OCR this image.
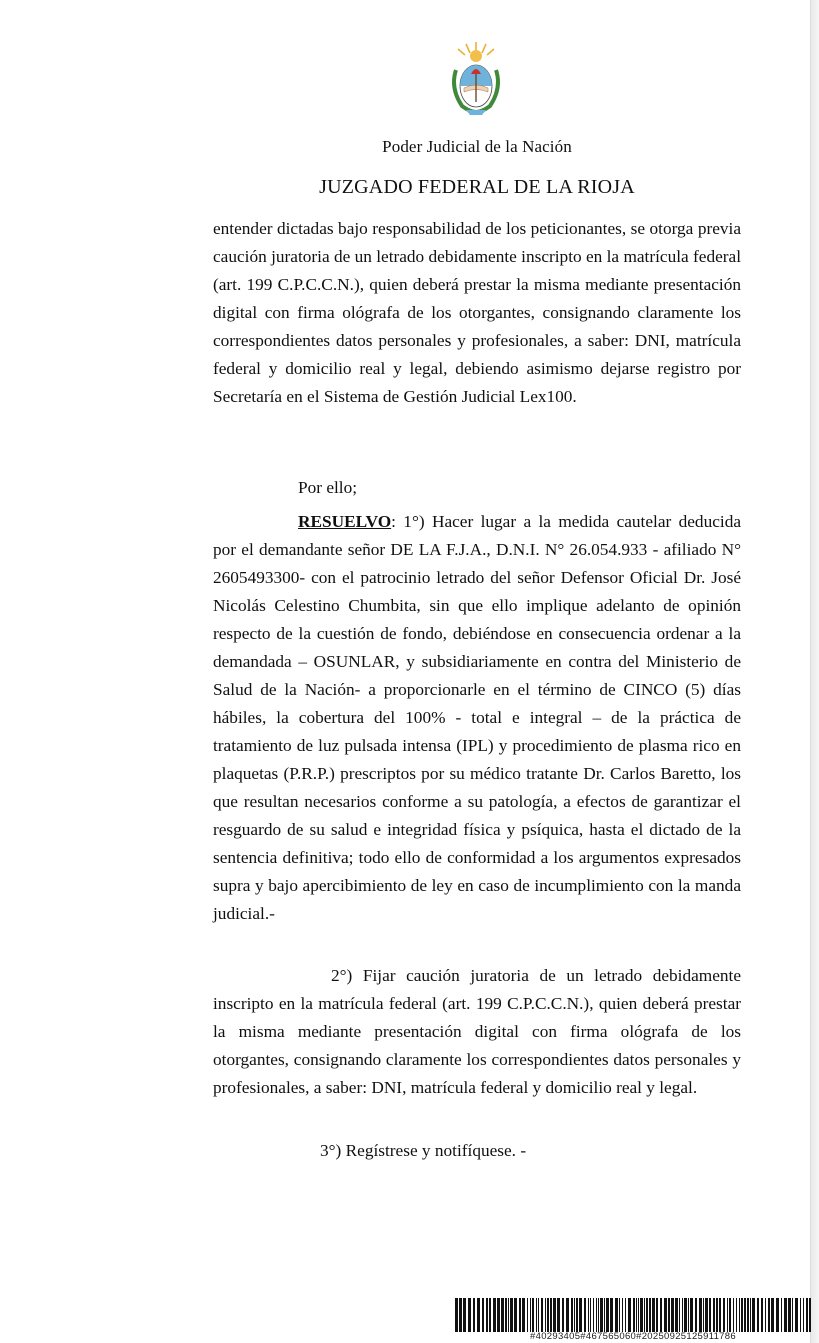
Poder Judicial de la Nación
JUZGADO FEDERAL DE LA RIOJA

entender dictadas bajo responsabilidad de los peticionantes, se otorga previa caución juratoria de un letrado debidamente inscripto en la matrícula federal (art. 199 C.P.C.C.N.), quien deberá prestar la misma mediante presentación digital con firma ológrafa de los otorgantes, consignando claramente los correspondientes datos personales y profesionales, a saber: DNI, matrícula federal y domicilio real y legal, debiendo asimismo dejarse registro por Secretaría en el Sistema de Gestión Judicial Lex100.

Por ello;

RESUELVO: 1°) Hacer lugar a la medida cautelar deducida por el demandante señor DE LA F.J.A., D.N.I. N° 26.054.933 - afiliado N° 2605493300- con el patrocinio letrado del señor Defensor Oficial Dr. José Nicolás Celestino Chumbita, sin que ello implique adelanto de opinión respecto de la cuestión de fondo, debiéndose en consecuencia ordenar a la demandada – OSUNLAR, y subsidiariamente en contra del Ministerio de Salud de la Nación- a proporcionarle en el término de CINCO (5) días hábiles, la cobertura del 100% - total e integral – de la práctica de tratamiento de luz pulsada intensa (IPL) y procedimiento de plasma rico en plaquetas (P.R.P.) prescriptos por su médico tratante Dr. Carlos Baretto, los que resultan necesarios conforme a su patología, a efectos de garantizar el resguardo de su salud e integridad física y psíquica, hasta el dictado de la sentencia definitiva; todo ello de conformidad a los argumentos expresados supra y bajo apercibimiento de ley en caso de incumplimiento con la manda judicial.-

2°) Fijar caución juratoria de un letrado debidamente inscripto en la matrícula federal (art. 199 C.P.C.C.N.), quien deberá prestar la misma mediante presentación digital con firma ológrafa de los otorgantes, consignando claramente los correspondientes datos personales y profesionales, a saber: DNI, matrícula federal y domicilio real y legal.

3°) Regístrese y notifíquese. -

#40293405#467565060#20250925125911786
